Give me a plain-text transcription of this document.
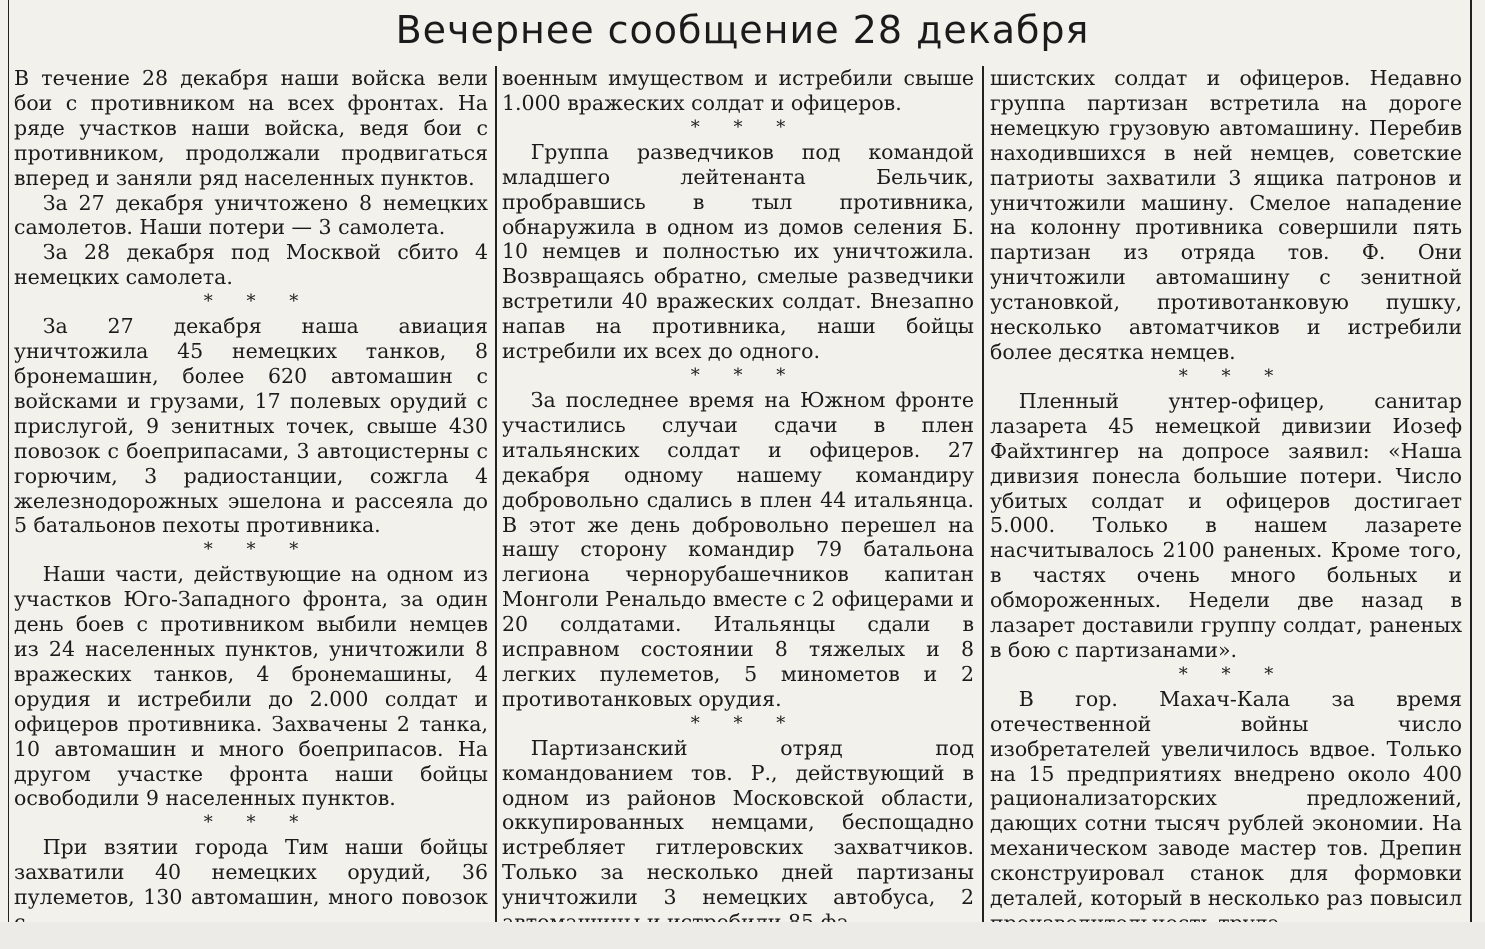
Вечернее сообщение 28 декабря

В течение 28 декабря наши войска вели бои с противником на всех фронтах. На ряде участков наши войска, ведя бои с противником, продолжали продвигаться вперед и заняли ряд населенных пунктов.

За 27 декабря уничтожено 8 немецких самолетов. Наши потери — 3 самолета.

За 28 декабря под Москвой сбито 4 немецких самолета.

* * *

За 27 декабря наша авиация уничтожила 45 немецких танков, 8 бронемашин, более 620 автомашин с войсками и грузами, 17 полевых орудий с прислугой, 9 зенитных точек, свыше 430 повозок с боеприпасами, 3 автоцистерны с горючим, 3 радиостанции, сожгла 4 железнодорожных эшелона и рассеяла до 5 батальонов пехоты противника.

* * *

Наши части, действующие на одном из участков Юго-Западного фронта, за один день боев с противником выбили немцев из 24 населенных пунктов, уничтожили 8 вражеских танков, 4 бронемашины, 4 орудия и истребили до 2.000 солдат и офицеров противника. Захвачены 2 танка, 10 автомашин и много боеприпасов. На другом участке фронта наши бойцы освободили 9 населенных пунктов.

* * *

При взятии города Тим наши бойцы захватили 40 немецких орудий, 36 пулеметов, 130 автомашин, много повозок

военным имуществом и истребили свыше 1.000 вражеских солдат и офицеров.

* * *

Группа разведчиков под командой младшего лейтенанта Бельчик, пробравшись в тыл противника, обнаружила в одном из домов селения Б. 10 немцев и полностью их уничтожила. Возвращаясь обратно, смелые разведчики встретили 40 вражеских солдат. Внезапно напав на противника, наши бойцы истребили их всех до одного.

* * *

За последнее время на Южном фронте участились случаи сдачи в плен итальянских солдат и офицеров. 27 декабря одному нашему командиру добровольно сдались в плен 44 итальянца. В этот же день добровольно перешел на нашу сторону командир 79 батальона легиона чернорубашечников капитан Монголи Ренальдо вместе с 2 офицерами и 20 солдатами. Итальянцы сдали в исправном состоянии 8 тяжелых и 8 легких пулеметов, 5 минометов и 2 противотанковых орудия.

* * *

Партизанский отряд под командованием тов. Р., действующий в одном из районов Московской области, оккупированных немцами, беспощадно истребляет гитлеровских захватчиков. Только за несколько дней партизаны уничтожили 3 немецких автобуса, 2

шистских солдат и офицеров. Недавно группа партизан встретила на дороге немецкую грузовую автомашину. Перебив находившихся в ней немцев, советские патриоты захватили 3 ящика патронов и уничтожили машину. Смелое нападение на колонну противника совершили пять партизан из отряда тов. Ф. Они уничтожили автомашину с зенитной установкой, противотанковую пушку, несколько автоматчиков и истребили более десятка немцев.

* * *

Пленный унтер-офицер, санитар лазарета 45 немецкой дивизии Иозеф Файхтингер на допросе заявил: «Наша дивизия понесла большие потери. Число убитых солдат и офицеров достигает 5.000. Только в нашем лазарете насчитывалось 2100 раненых. Кроме того, в частях очень много больных и обмороженных. Недели две назад в лазарет доставили группу солдат, раненых в бою с партизанами».

* * *

В гор. Махач-Кала за время отечественной войны число изобретателей увеличилось вдвое. Только на 15 предприятиях внедрено около 400 рационализаторских предложений, дающих сотни тысяч рублей экономии. На механическом заводе мастер тов. Дрепин сконструировал станок для формовки деталей, который в несколько раз повысил
